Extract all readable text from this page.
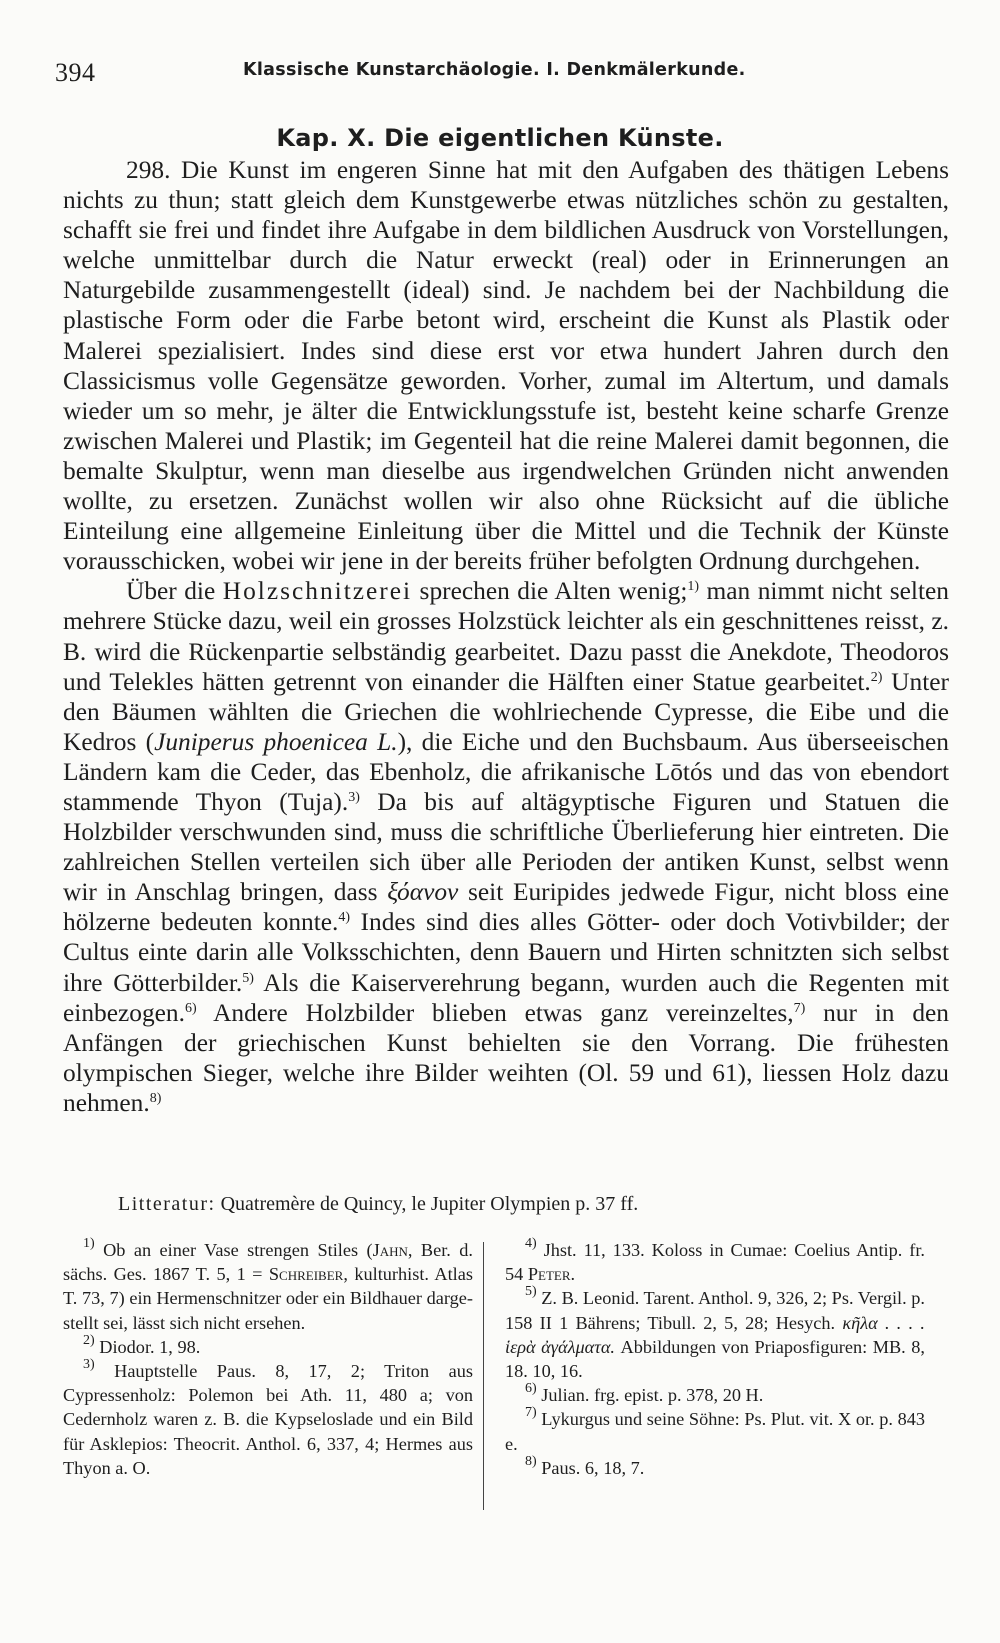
394	Klassische Kunstarchäologie. I. Denkmälerkunde.
Kap. X. Die eigentlichen Künste.

298. Die Kunst im engeren Sinne hat mit den Aufgaben des thätigen Lebens nichts zu thun; statt gleich dem Kunstgewerbe etwas nützliches schön zu gestalten, schafft sie frei und findet ihre Aufgabe in dem bildlichen Ausdruck von Vorstellungen, welche unmittelbar durch die Natur erweckt (real) oder in Erinnerungen an Naturgebilde zusammengestellt (ideal) sind. Je nachdem bei der Nachbildung die plastische Form oder die Farbe betont wird, erscheint die Kunst als Plastik oder Malerei spezialisiert. Indes sind diese erst vor etwa hundert Jahren durch den Classicismus volle Gegensätze geworden. Vorher, zumal im Altertum, und damals wieder um so mehr, je älter die Entwicklungsstufe ist, besteht keine scharfe Grenze zwischen Malerei und Plastik; im Gegenteil hat die reine Malerei damit begonnen, die bemalte Skulptur, wenn man dieselbe aus irgendwelchen Gründen nicht anwenden wollte, zu ersetzen. Zunächst wollen wir also ohne Rücksicht auf die übliche Einteilung eine allgemeine Einleitung über die Mittel und die Technik der Künste vorausschicken, wobei wir jene in der bereits früher befolgten Ordnung durchgehen.

Über die Holzschnitzerei sprechen die Alten wenig;$^{1)}$ man nimmt nicht selten mehrere Stücke dazu, weil ein grosses Holzstück leichter als ein geschnittenes reisst, z. B. wird die Rückenpartie selbständig gearbeitet. Dazu passt die Anekdote, Theodoros und Telekles hätten getrennt von einander die Hälften einer Statue gearbeitet.$^{2)}$ Unter den Bäumen wählten die Griechen die wohlriechende Cypresse, die Eibe und die Kedros (Juniperus phoenicea L.), die Eiche und den Buchsbaum. Aus überseeischen Ländern kam die Ceder, das Ebenholz, die afrikanische Lōtós und das von ebendort stammende Thyon (Tuja).$^{3)}$ Da bis auf altägyptische Figuren und Statuen die Holzbilder verschwunden sind, muss die schriftliche Überlieferung hier eintreten. Die zahlreichen Stellen verteilen sich über alle Perioden der antiken Kunst, selbst wenn wir in Anschlag bringen, dass ξόανον seit Euripides jedwede Figur, nicht bloss eine hölzerne bedeuten konnte.$^{4)}$ Indes sind dies alles Götter- oder doch Votivbilder; der Cultus einte darin alle Volksschichten, denn Bauern und Hirten schnitzten sich selbst ihre Götterbilder.$^{5)}$ Als die Kaiserverehrung begann, wurden auch die Regenten mit einbezogen.$^{6)}$ Andere Holzbilder blieben etwas ganz vereinzeltes,$^{7)}$ nur in den Anfängen der griechischen Kunst behielten sie den Vorrang. Die frühesten olympischen Sieger, welche ihre Bilder weihten (Ol. 59 und 61), liessen Holz dazu nehmen.$^{8)}$

Litteratur: Quatremère de Quincy, le Jupiter Olympien p. 37 ff.

$^{1)}$ Ob an einer Vase strengen Stiles (Jahn, Ber. d. sächs. Ges. 1867 T. 5, 1 = Schreiber, kulturhist. Atlas T. 73, 7) ein Hermenschnitzer oder ein Bildhauer dargestellt sei, lässt sich nicht ersehen.

$^{2)}$ Diodor. 1, 98.

$^{3)}$ Hauptstelle Paus. 8, 17, 2; Triton aus Cypressenholz: Polemon bei Ath. 11, 480 a; von Cedernholz waren z. B. die Kypseloslade und ein Bild für Asklepios: Theocrit. Anthol. 6, 337, 4; Hermes aus Thyon a. O.

$^{4)}$ Jhst. 11, 133. Koloss in Cumae: Coelius Antip. fr. 54 Peter.

$^{5)}$ Z. B. Leonid. Tarent. Anthol. 9, 326, 2; Ps. Vergil. p. 158 II 1 Bährens; Tibull. 2, 5, 28; Hesych. κῆλα . . . . ἱερὰ ἀγάλματα. Abbildungen von Priaposfiguren: MB. 8, 18. 10, 16.

$^{6)}$ Julian. frg. epist. p. 378, 20 H.

$^{7)}$ Lykurgus und seine Söhne: Ps. Plut. vit. X or. p. 843 e.

$^{8)}$ Paus. 6, 18, 7.
